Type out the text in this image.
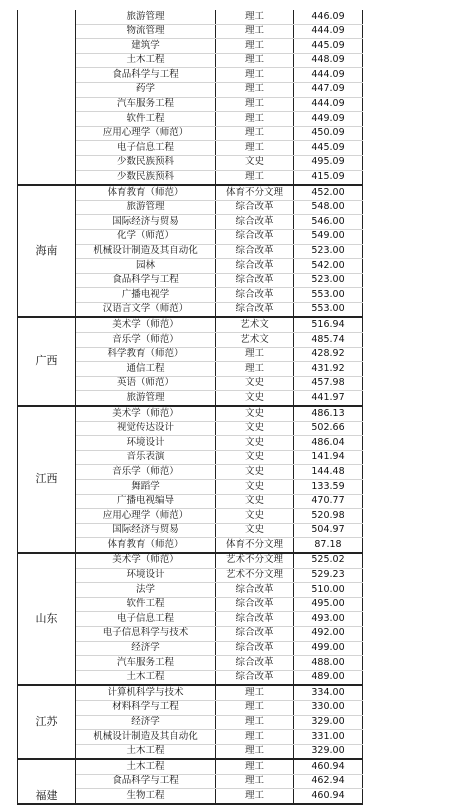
	旅游管理	理工	446.09
	物流管理	理工	444.09
	建筑学	理工	445.09
	土木工程	理工	448.09
	食品科学与工程	理工	444.09
	药学	理工	447.09
	汽车服务工程	理工	444.09
	软件工程	理工	449.09
	应用心理学（师范）	理工	450.09
	电子信息工程	理工	445.09
	少数民族预科	文史	495.09
	少数民族预科	理工	415.09
海南	体育教育（师范）	体育不分文理	452.00
	旅游管理	综合改革	548.00
	国际经济与贸易	综合改革	546.00
	化学（师范）	综合改革	549.00
	机械设计制造及其自动化	综合改革	523.00
	园林	综合改革	542.00
	食品科学与工程	综合改革	523.00
	广播电视学	综合改革	553.00
	汉语言文学（师范）	综合改革	553.00
广西	美术学（师范）	艺术文	516.94
	音乐学（师范）	艺术文	485.74
	科学教育（师范）	理工	428.92
	通信工程	理工	431.92
	英语（师范）	文史	457.98
	旅游管理	文史	441.97
江西	美术学（师范）	文史	486.13
	视觉传达设计	文史	502.66
	环境设计	文史	486.04
	音乐表演	文史	141.94
	音乐学（师范）	文史	144.48
	舞蹈学	文史	133.59
	广播电视编导	文史	470.77
	应用心理学（师范）	文史	520.98
	国际经济与贸易	文史	504.97
	体育教育（师范）	体育不分文理	87.18
山东	美术学（师范）	艺术不分文理	525.02
	环境设计	艺术不分文理	529.23
	法学	综合改革	510.00
	软件工程	综合改革	495.00
	电子信息工程	综合改革	493.00
	电子信息科学与技术	综合改革	492.00
	经济学	综合改革	499.00
	汽车服务工程	综合改革	488.00
	土木工程	综合改革	489.00
江苏	计算机科学与技术	理工	334.00
	材料科学与工程	理工	330.00
	经济学	理工	329.00
	机械设计制造及其自动化	理工	331.00
	土木工程	理工	329.00
福建	土木工程	理工	460.94
	食品科学与工程	理工	462.94
	生物工程	理工	460.94
